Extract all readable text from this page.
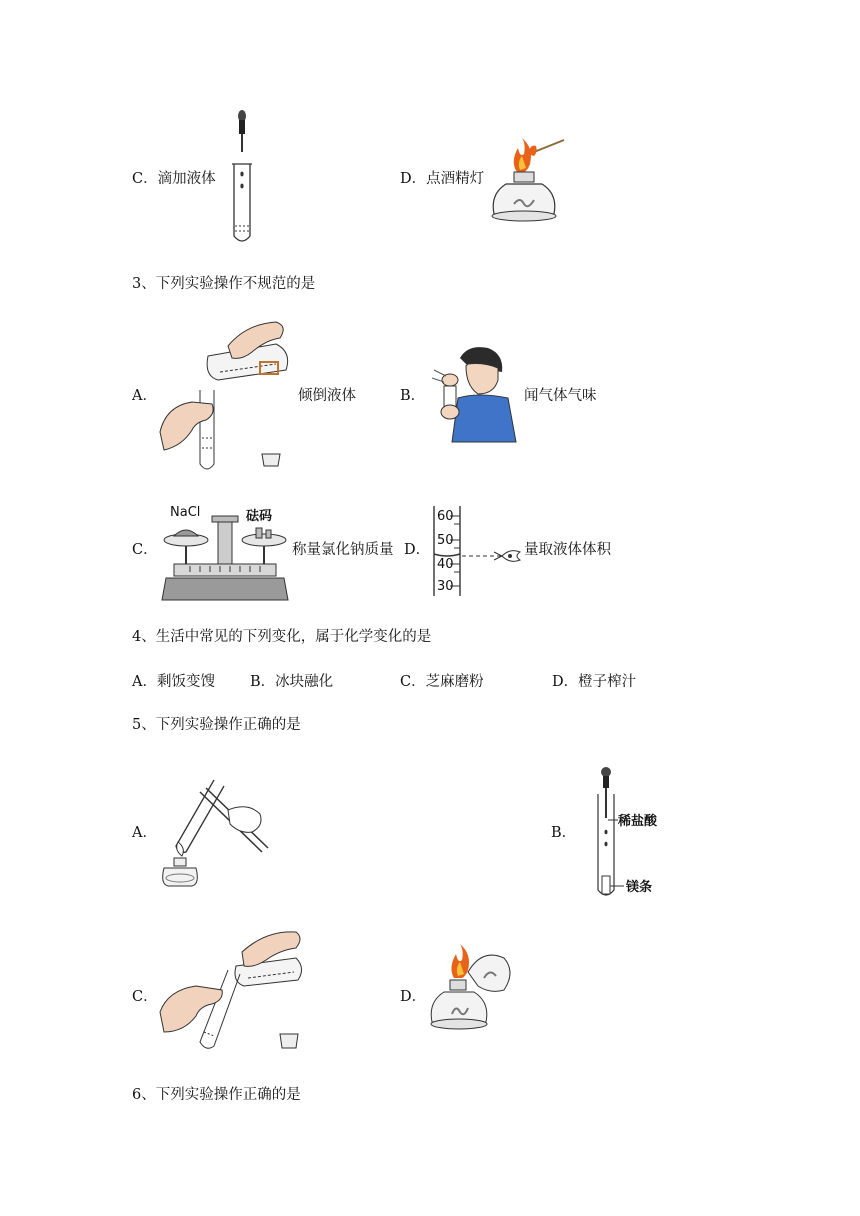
C．滴加液体	D．点酒精灯
3、下列实验操作不规范的是
A．	倾倒液体	B．	闻气体气味
C．
NaCl	砝码
称量氯化钠质量 D．
60
50
40
30
量取液体体积
4、生活中常见的下列变化，属于化学变化的是
A．剩饭变馊 B．冰块融化	C．芝麻磨粉	D．橙子榨汁
5、下列实验操作正确的是
A．	B．
稀盐酸
镁条
C．	D．
6、下列实验操作正确的是
